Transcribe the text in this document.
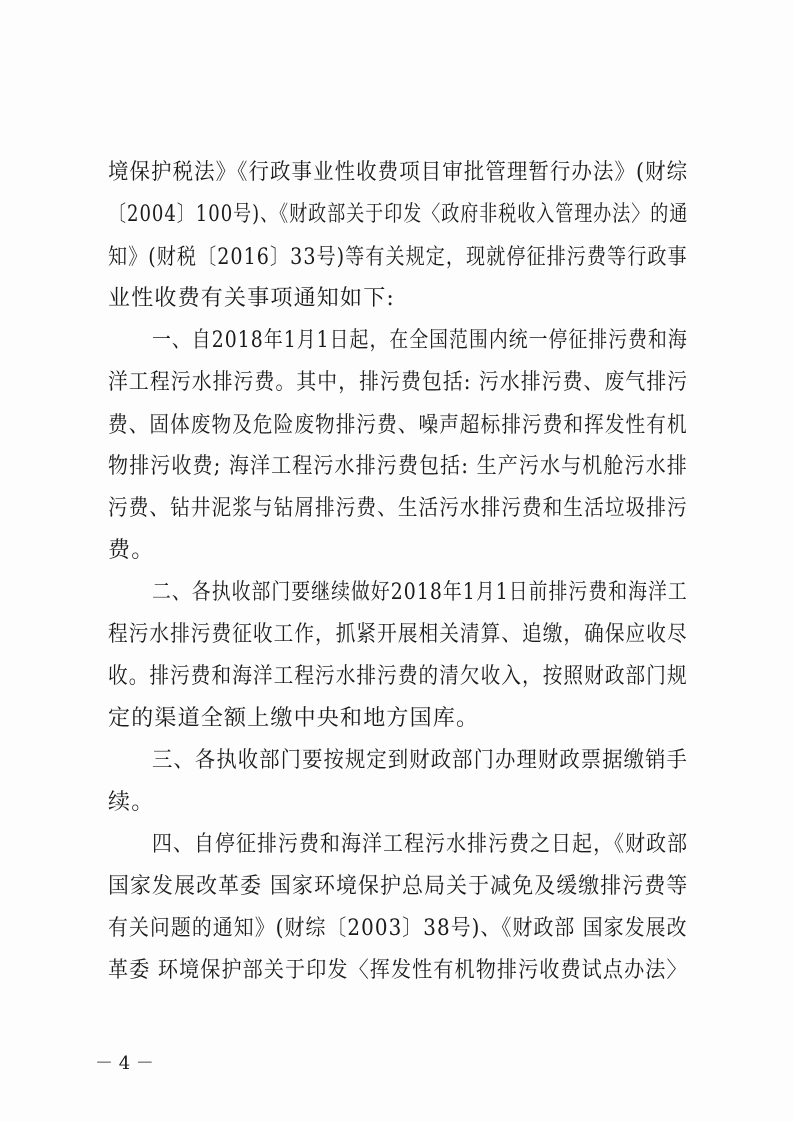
境保护税法》《行政事业性收费项目审批管理暂行办法》(财综
〔2004〕100号)、《财政部关于印发〈政府非税收入管理办法〉的通
知》(财税〔2016〕33号)等有关规定，现就停征排污费等行政事
业性收费有关事项通知如下:
一、自2018年1月1日起，在全国范围内统一停征排污费和海
洋工程污水排污费。其中，排污费包括: 污水排污费、废气排污
费、固体废物及危险废物排污费、噪声超标排污费和挥发性有机
物排污收费; 海洋工程污水排污费包括: 生产污水与机舱污水排
污费、钻井泥浆与钻屑排污费、生活污水排污费和生活垃圾排污
费。
二、各执收部门要继续做好2018年1月1日前排污费和海洋工
程污水排污费征收工作，抓紧开展相关清算、追缴，确保应收尽
收。排污费和海洋工程污水排污费的清欠收入，按照财政部门规
定的渠道全额上缴中央和地方国库。
三、各执收部门要按规定到财政部门办理财政票据缴销手
续。
四、自停征排污费和海洋工程污水排污费之日起，《财政部
国家发展改革委 国家环境保护总局关于减免及缓缴排污费等
有关问题的通知》(财综〔2003〕38号)、《财政部 国家发展改
革委 环境保护部关于印发〈挥发性有机物排污收费试点办法〉
－ 4 －
